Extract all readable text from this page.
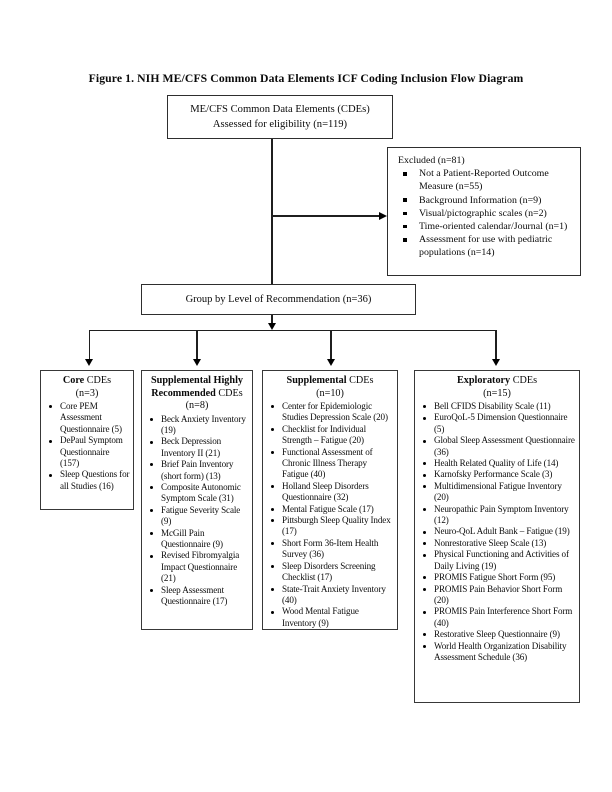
Figure 1. NIH ME/CFS Common Data Elements ICF Coding Inclusion Flow Diagram
ME/CFS Common Data Elements (CDEs)
Assessed for eligibility (n=119)
Excluded (n=81)
Not a Patient-Reported Outcome Measure (n=55)
Background Information (n=9)
Visual/pictographic scales (n=2)
Time-oriented calendar/Journal (n=1)
Assessment for use with pediatric populations (n=14)
Group by Level of Recommendation (n=36)
Core CDEs
(n=3)
Core PEM Assessment Questionnaire (5)
DePaul Symptom Questionnaire (157)
Sleep Questions for all Studies (16)
Supplemental Highly Recommended CDEs
(n=8)
Beck Anxiety Inventory (19)
Beck Depression Inventory II (21)
Brief Pain Inventory (short form) (13)
Composite Autonomic Symptom Scale (31)
Fatigue Severity Scale (9)
McGill Pain Questionnaire (9)
Revised Fibromyalgia Impact Questionnaire (21)
Sleep Assessment Questionnaire (17)
Supplemental CDEs
(n=10)
Center for Epidemiologic Studies Depression Scale (20)
Checklist for Individual Strength – Fatigue (20)
Functional Assessment of Chronic Illness Therapy Fatigue (40)
Holland Sleep Disorders Questionnaire (32)
Mental Fatigue Scale (17)
Pittsburgh Sleep Quality Index (17)
Short Form 36-Item Health Survey (36)
Sleep Disorders Screening Checklist (17)
State-Trait Anxiety Inventory (40)
Wood Mental Fatigue Inventory (9)
Exploratory CDEs
(n=15)
Bell CFIDS Disability Scale (11)
EuroQoL-5 Dimension Questionnaire (5)
Global Sleep Assessment Questionnaire (36)
Health Related Quality of Life (14)
Karnofsky Performance Scale (3)
Multidimensional Fatigue Inventory (20)
Neuropathic Pain Symptom Inventory (12)
Neuro-QoL Adult Bank – Fatigue (19)
Nonrestorative Sleep Scale (13)
Physical Functioning and Activities of Daily Living (19)
PROMIS Fatigue Short Form (95)
PROMIS Pain Behavior Short Form (20)
PROMIS Pain Interference Short Form (40)
Restorative Sleep Questionnaire (9)
World Health Organization Disability Assessment Schedule (36)
